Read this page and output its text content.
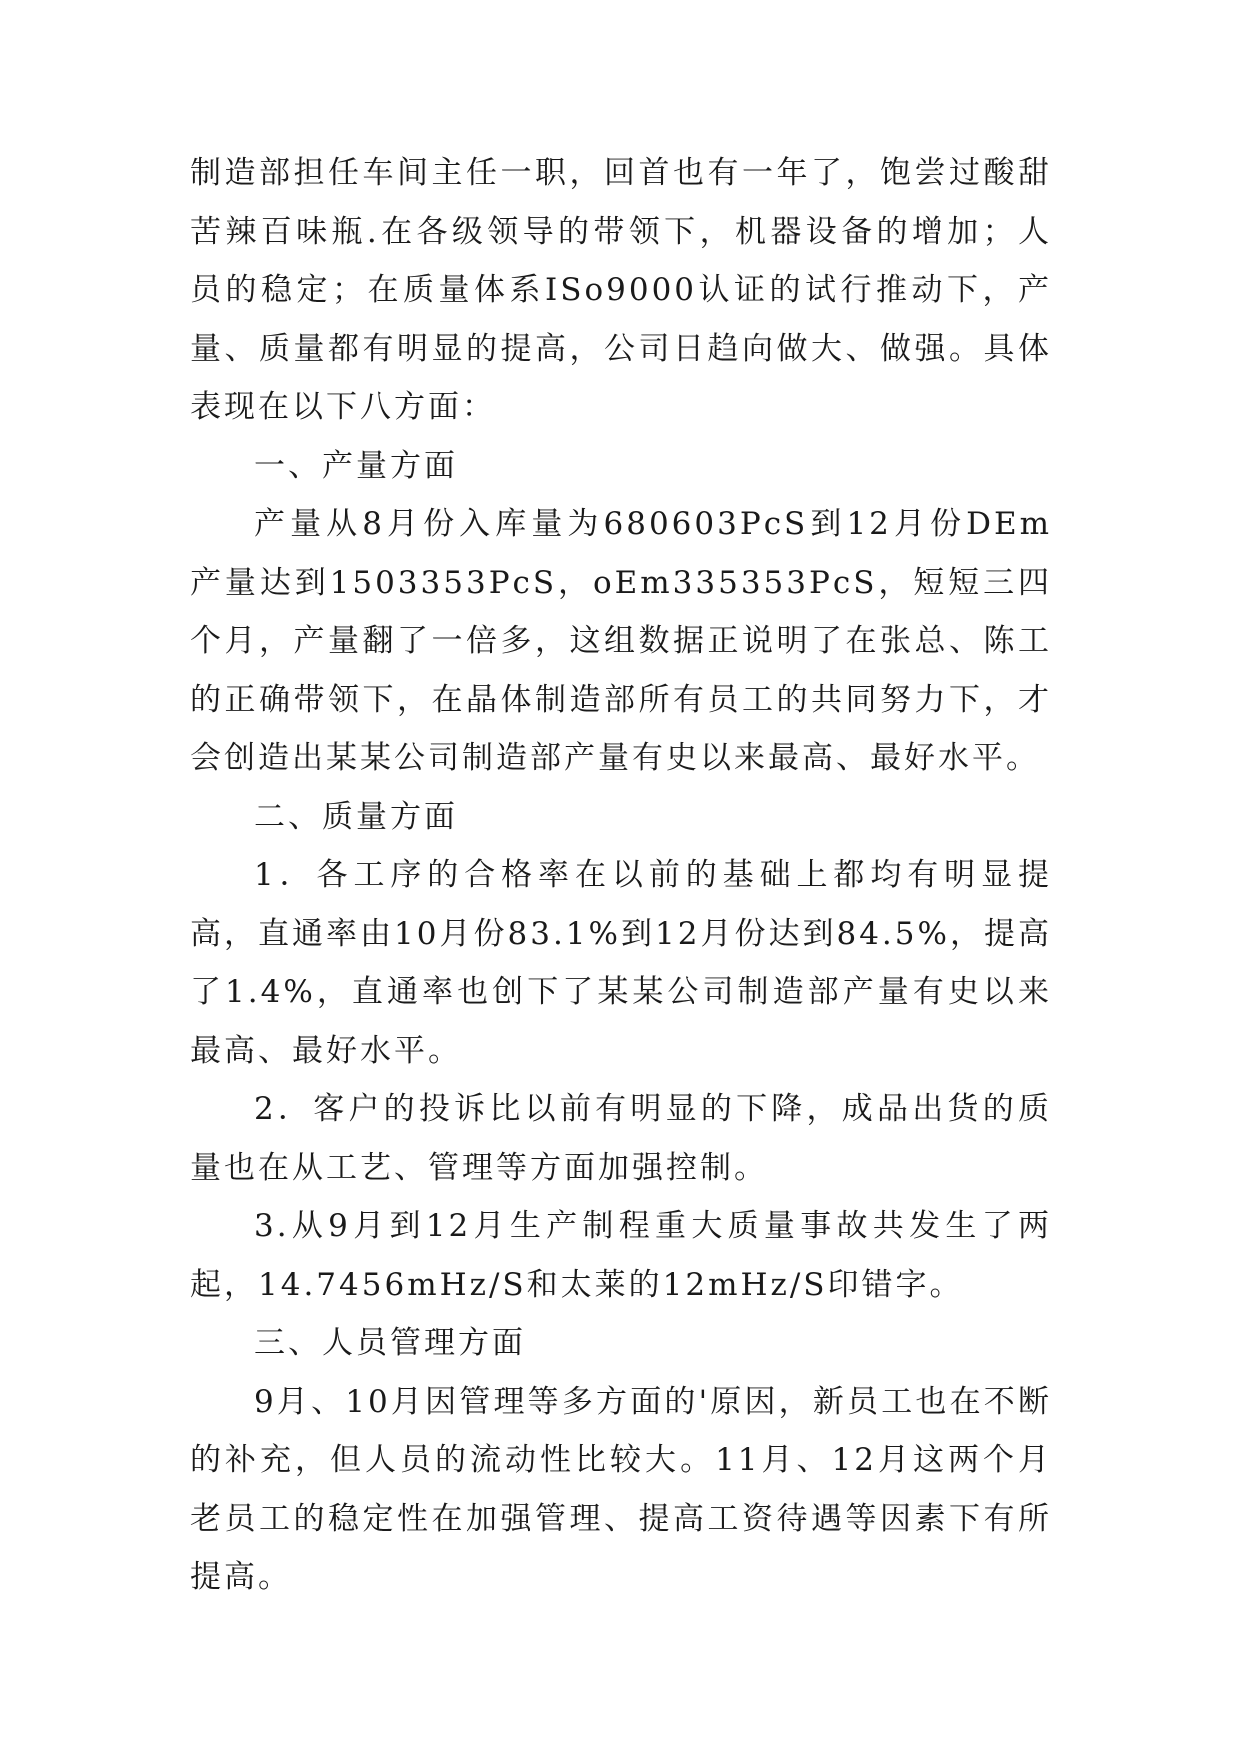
制造部担任车间主任一职，回首也有一年了，饱尝过酸甜苦辣百味瓶.在各级领导的带领下，机器设备的增加；人员的稳定；在质量体系ISo9000认证的试行推动下，产量、质量都有明显的提高，公司日趋向做大、做强。具体表现在以下八方面：

一、产量方面

产量从8月份入库量为680603PcS到12月份DEm产量达到1503353PcS，oEm335353PcS，短短三四个月，产量翻了一倍多，这组数据正说明了在张总、陈工的正确带领下，在晶体制造部所有员工的共同努力下，才会创造出某某公司制造部产量有史以来最高、最好水平。

二、质量方面

1．各工序的合格率在以前的基础上都均有明显提高，直通率由10月份83.1%到12月份达到84.5%，提高了1.4%，直通率也创下了某某公司制造部产量有史以来最高、最好水平。

2．客户的投诉比以前有明显的下降，成品出货的质量也在从工艺、管理等方面加强控制。

3.从9月到12月生产制程重大质量事故共发生了两起，14.7456mHz/S和太莱的12mHz/S印错字。

三、人员管理方面

9月、10月因管理等多方面的'原因，新员工也在不断的补充，但人员的流动性比较大。11月、12月这两个月老员工的稳定性在加强管理、提高工资待遇等因素下有所提高。
